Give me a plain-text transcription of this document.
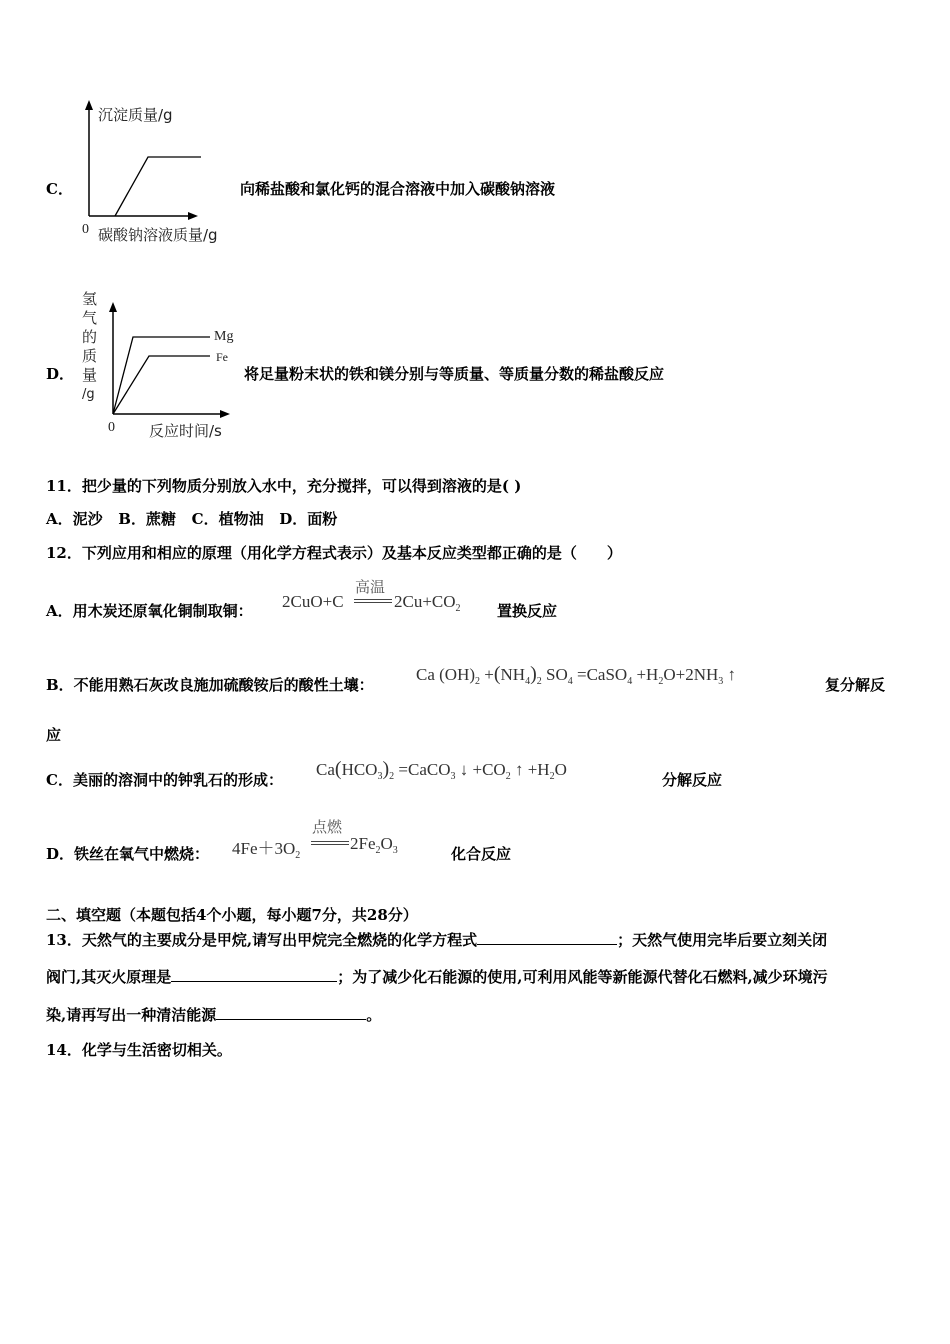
C．
沉淀质量/g
0 碳酸钠溶液质量/g
向稀盐酸和氯化钙的混合溶液中加入碳酸钠溶液
D．
氢
气
的
质
量
/g
Mg
Fe
0 反应时间/s
将足量粉末状的铁和镁分别与等质量、等质量分数的稀盐酸反应
11．把少量的下列物质分别放入水中，充分搅拌，可以得到溶液的是( )
A．泥沙   B．蔗糖   C．植物油   D．面粉
12．下列应用和相应的原理（用化学方程式表示）及基本反应类型都正确的是（　　）
A．用木炭还原氧化铜制取铜： 2CuO+C
高温
$2Cu+CO_2$ 置换反应
B．不能用熟石灰改良施加硫酸铵后的酸性土壤：
Ca $(OH)_2 +(NH_4)_2$ $SO_4$ =CaSO$_4$ $+H_2O+2NH_3$ ↑
复分解反
应
C．美丽的溶洞中的钟乳石的形成：
$Ca(HCO_3)_2$ =CaCO$_3$ ↓ $+CO_2$ ↑ $+H_2O$
分解反应
D．铁丝在氧气中燃烧： $4Fe+3O_2$
点燃
$2Fe_2O_3$	化合反应
二、填空题（本题包括4个小题，每小题7分，共28分）
13．天然气的主要成分是甲烷,请写出甲烷完全燃烧的化学方程式	；天然气使用完毕后要立刻关闭
阀门,其灭火原理是	；为了减少化石能源的使用,可利用风能等新能源代替化石燃料,减少环境污
染,请再写出一种清洁能源	。
14．化学与生活密切相关。
